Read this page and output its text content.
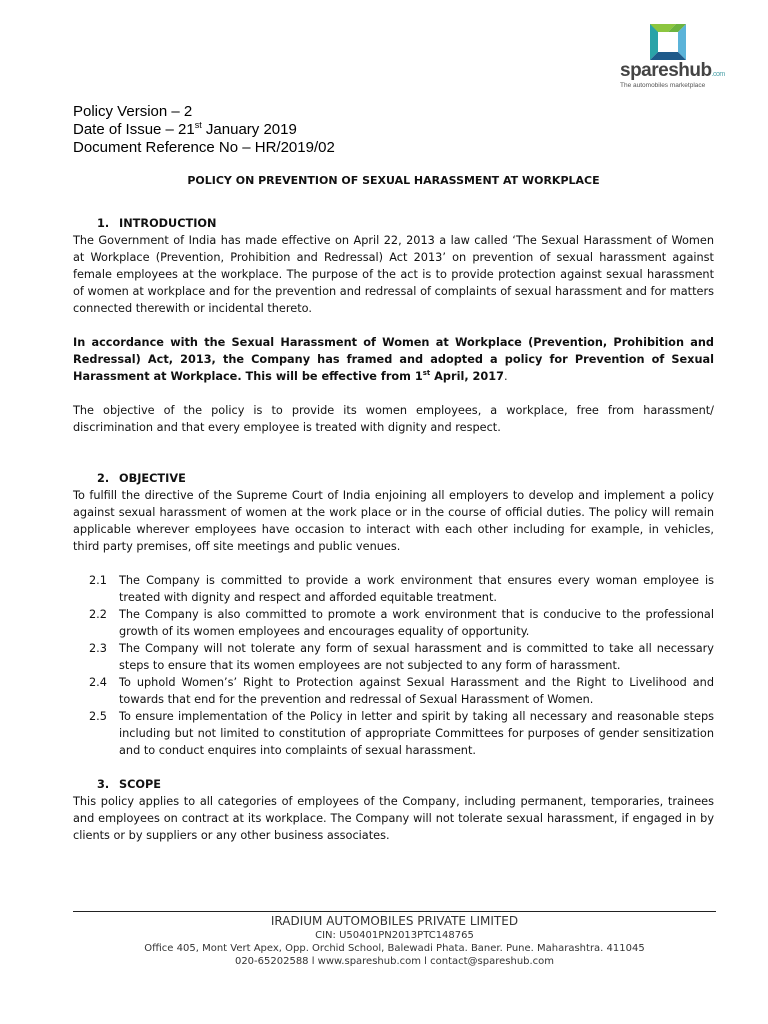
spareshub.com
The automobiles marketplace
Policy Version – 2
Date of Issue – 21st January 2019
Document Reference No – HR/2019/02

POLICY ON PREVENTION OF SEXUAL HARASSMENT AT WORKPLACE

1. INTRODUCTION

The Government of India has made effective on April 22, 2013 a law called ‘The Sexual Harassment of Women at Workplace (Prevention, Prohibition and Redressal) Act 2013’ on prevention of sexual harassment against female employees at the workplace. The purpose of the act is to provide protection against sexual harassment of women at workplace and for the prevention and redressal of complaints of sexual harassment and for matters connected therewith or incidental thereto.

In accordance with the Sexual Harassment of Women at Workplace (Prevention, Prohibition and Redressal) Act, 2013, the Company has framed and adopted a policy for Prevention of Sexual Harassment at Workplace. This will be effective from 1st April, 2017.

The objective of the policy is to provide its women employees, a workplace, free from harassment/ discrimination and that every employee is treated with dignity and respect.

2. OBJECTIVE

To fulfill the directive of the Supreme Court of India enjoining all employers to develop and implement a policy against sexual harassment of women at the work place or in the course of official duties. The policy will remain applicable wherever employees have occasion to interact with each other including for example, in vehicles, third party premises, off site meetings and public venues.

2.1 The Company is committed to provide a work environment that ensures every woman employee is treated with dignity and respect and afforded equitable treatment.
2.2 The Company is also committed to promote a work environment that is conducive to the professional growth of its women employees and encourages equality of opportunity.
2.3 The Company will not tolerate any form of sexual harassment and is committed to take all necessary steps to ensure that its women employees are not subjected to any form of harassment.
2.4 To uphold Women’s’ Right to Protection against Sexual Harassment and the Right to Livelihood and towards that end for the prevention and redressal of Sexual Harassment of Women.
2.5 To ensure implementation of the Policy in letter and spirit by taking all necessary and reasonable steps including but not limited to constitution of appropriate Committees for purposes of gender sensitization and to conduct enquires into complaints of sexual harassment.
3. SCOPE

This policy applies to all categories of employees of the Company, including permanent, temporaries, trainees and employees on contract at its workplace. The Company will not tolerate sexual harassment, if engaged in by clients or by suppliers or any other business associates.

IRADIUM AUTOMOBILES PRIVATE LIMITED
CIN: U50401PN2013PTC148765
Office 405, Mont Vert Apex, Opp. Orchid School, Balewadi Phata. Baner. Pune. Maharashtra. 411045
020-65202588 l www.spareshub.com l contact@spareshub.com
